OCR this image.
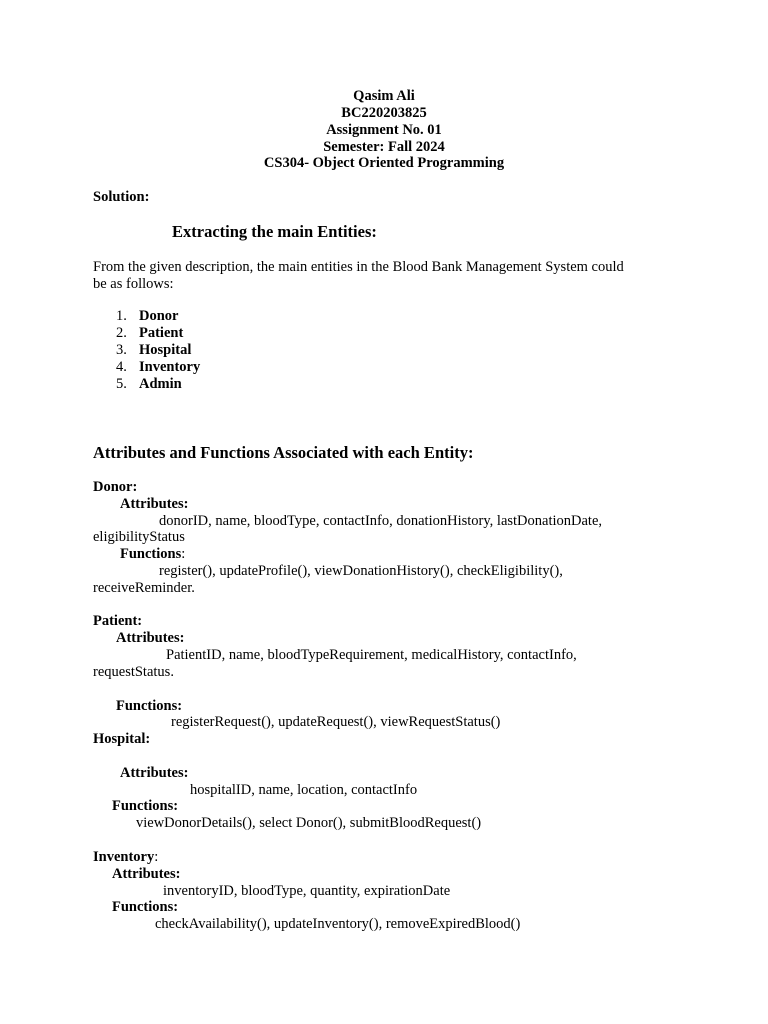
Qasim Ali
BC220203825
Assignment No. 01
Semester: Fall 2024
CS304- Object Oriented Programming
Solution:
Extracting the main Entities:
From the given description, the main entities in the Blood Bank Management System could
be as follows:
1. Donor
2. Patient
3. Hospital
4. Inventory
5. Admin
Attributes and Functions Associated with each Entity:
Donor:
Attributes:
donorID, name, bloodType, contactInfo, donationHistory, lastDonationDate,
eligibilityStatus
Functions:
register(), updateProfile(), viewDonationHistory(), checkEligibility(),
receiveReminder.
Patient:
Attributes:
PatientID, name, bloodTypeRequirement, medicalHistory, contactInfo,
requestStatus.
Functions:
registerRequest(), updateRequest(), viewRequestStatus()
Hospital:
Attributes:
hospitalID, name, location, contactInfo
Functions:
viewDonorDetails(), select Donor(), submitBloodRequest()
Inventory:
Attributes:
inventoryID, bloodType, quantity, expirationDate
Functions:
checkAvailability(), updateInventory(), removeExpiredBlood()
